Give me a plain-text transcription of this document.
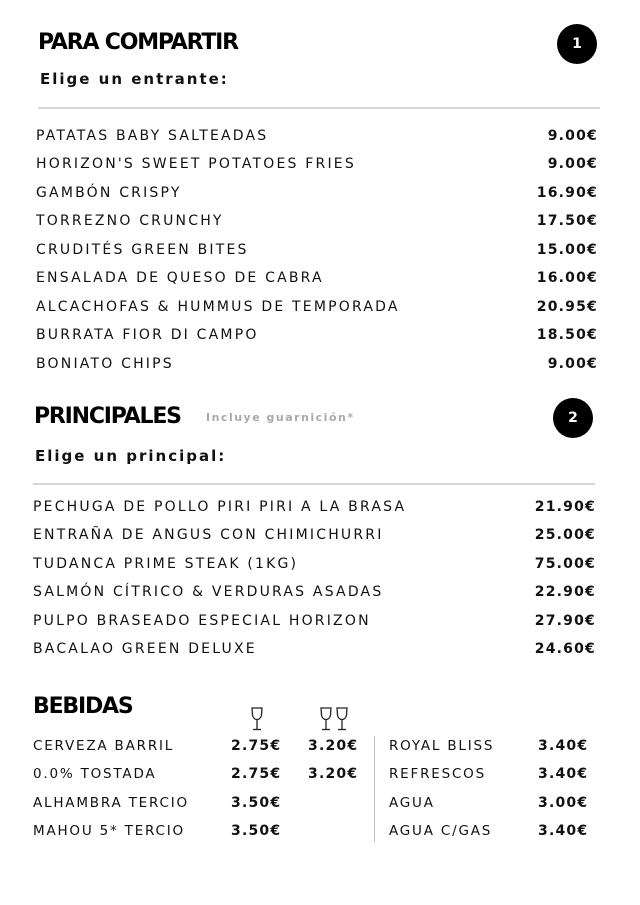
PARA COMPARTIR	1
Elige un entrante:
PATATAS BABY SALTEADAS	9.00€
HORIZON'S SWEET POTATOES FRIES	9.00€
GAMBÓN CRISPY	16.90€
TORREZNO CRUNCHY	17.50€
CRUDITÉS GREEN BITES	15.00€
ENSALADA DE QUESO DE CABRA	16.00€
ALCACHOFAS & HUMMUS DE TEMPORADA	20.95€
BURRATA FIOR DI CAMPO	18.50€
BONIATO CHIPS	9.00€
PRINCIPALES Incluye guarnición*	2
Elige un principal:
PECHUGA DE POLLO PIRI PIRI A LA BRASA	21.90€
ENTRAÑA DE ANGUS CON CHIMICHURRI	25.00€
TUDANCA PRIME STEAK (1KG)	75.00€
SALMÓN CÍTRICO & VERDURAS ASADAS	22.90€
PULPO BRASEADO ESPECIAL HORIZON	27.90€
BACALAO GREEN DELUXE	24.60€
BEBIDAS
CERVEZA BARRIL	2.75€ 3.20€
0.0% TOSTADA	2.75€ 3.20€
ALHAMBRA TERCIO	3.50€
MAHOU 5* TERCIO	3.50€
ROYAL BLISS	3.40€
REFRESCOS	3.40€
AGUA	3.00€
AGUA C/GAS	3.40€
